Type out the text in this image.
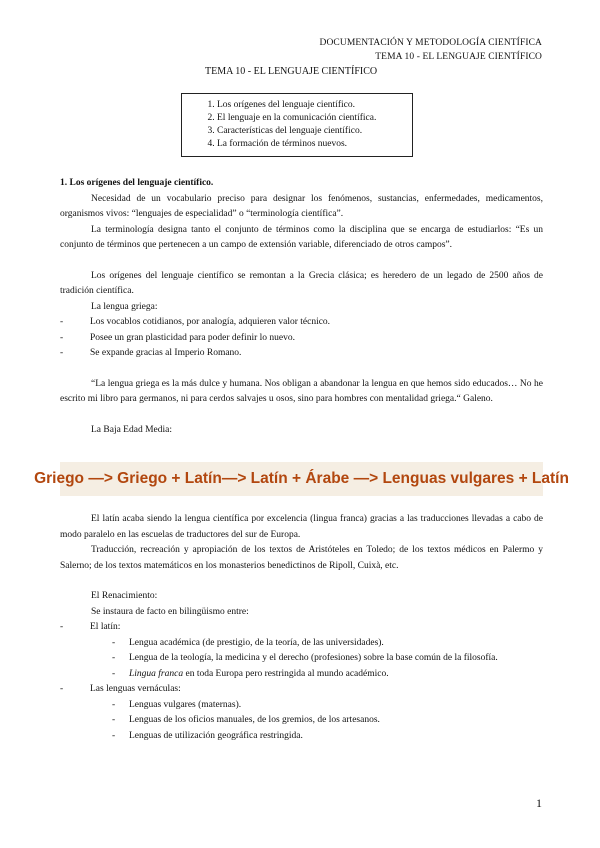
DOCUMENTACIÓN Y METODOLOGÍA CIENTÍFICA
TEMA 10 - EL LENGUAJE CIENTÍFICO
TEMA 10 - EL LENGUAJE CIENTÍFICO
1. Los orígenes del lenguaje científico.
2. El lenguaje en la comunicación científica.
3. Características del lenguaje científico.
4. La formación de términos nuevos.

1. Los orígenes del lenguaje científico.

Necesidad de un vocabulario preciso para designar los fenómenos, sustancias, enfermedades, medicamentos, organismos vivos: “lenguajes de especialidad” o “terminología científica”.

La terminología designa tanto el conjunto de términos como la disciplina que se encarga de estudiarlos: “Es un conjunto de términos que pertenecen a un campo de extensión variable, diferenciado de otros campos”.

Los orígenes del lenguaje científico se remontan a la Grecia clásica; es heredero de un legado de 2500 años de tradición científica.

La lengua griega:

- Los vocablos cotidianos, por analogía, adquieren valor técnico.
- Posee un gran plasticidad para poder definir lo nuevo.
- Se expande gracias al Imperio Romano.

“La lengua griega es la más dulce y humana. Nos obligan a abandonar la lengua en que hemos sido educados… No he escrito mi libro para germanos, ni para cerdos salvajes u osos, sino para hombres con mentalidad griega.“ Galeno.

La Baja Edad Media:

Griego —> Griego + Latín—> Latín + Árabe —> Lenguas vulgares + Latín

El latín acaba siendo la lengua científica por excelencia (lingua franca) gracias a las traducciones llevadas a cabo de modo paralelo en las escuelas de traductores del sur de Europa.

Traducción, recreación y apropiación de los textos de Aristóteles en Toledo; de los textos médicos en Palermo y Salerno; de los textos matemáticos en los monasterios benedictinos de Ripoll, Cuixà, etc.

El Renacimiento:

Se instaura de facto en bilingüismo entre:

- El latín:
- Lengua académica (de prestigio, de la teoría, de las universidades).
- Lengua de la teología, la medicina y el derecho (profesiones) sobre la base común de la filosofía.
- Lingua franca en toda Europa pero restringida al mundo académico.
- Las lenguas vernáculas:
- Lenguas vulgares (maternas).
- Lenguas de los oficios manuales, de los gremios, de los artesanos.
- Lenguas de utilización geográfica restringida.
1
